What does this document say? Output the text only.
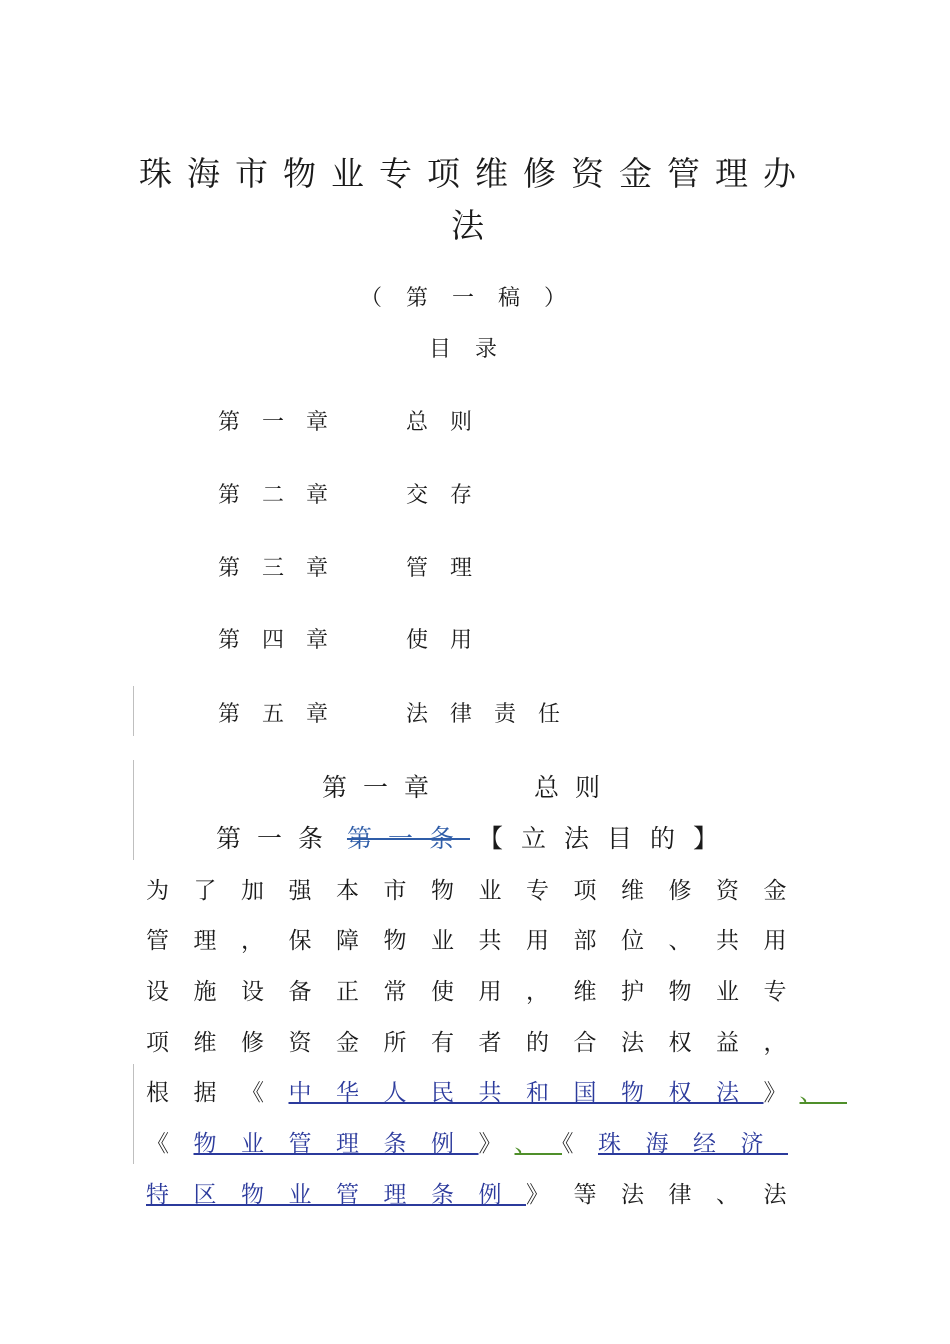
珠海市物业专项维修资金管理办
法
（第一稿）
目录
第一章	总则
第二章	交存
第三章	管理
第四章	使用
第五章	法律责任
第一章	总则
第一条 第一条 【立法目的】
为了加强本市物业专项维修资金
管理，保障物业共用部位、共用
设施设备正常使用，维护物业专
项维修资金所有者的合法权益，
根据《中华人民共和国物权法》、
《物业管理条例》、《珠海经济
特区物业管理条例》等法律、法
